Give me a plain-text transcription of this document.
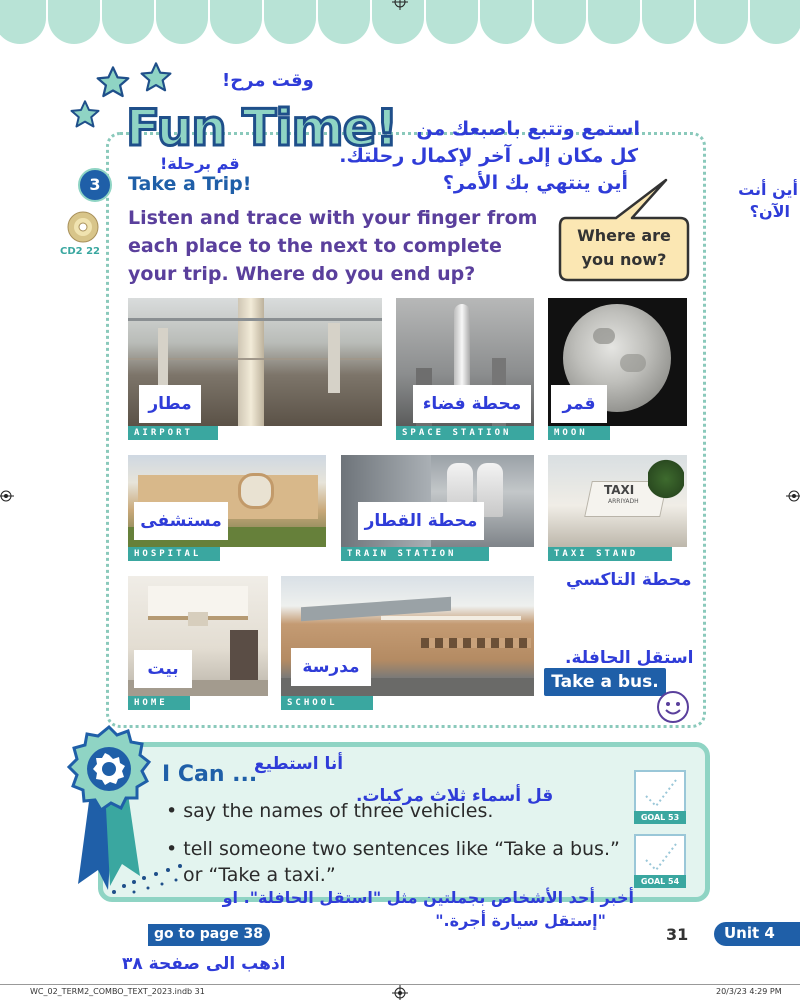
وقت مرح!
Fun Time! استمع وتتبع باصبعك من
كل مكان إلى آخر لإكمال رحلتك.
أين ينتهي بك الأمر؟
3	Take a Trip!
قم برحلة!
CD2 22
Listen and trace with your finger from
each place to the next to complete
your trip. Where do you end up?
Where are
you now?
أين أنت
الآن؟
مطار
AIRPORT
محطة فضاء
SPACE STATION
قمر
MOON
مستشفى
HOSPITAL
محطة القطار
TRAIN STATION
TAXI
ARRIYADH
TAXI STAND
محطة التاكسي
بيت
HOME
مدرسة
SCHOOL
استقل الحافلة.
Take a bus.
I Can ...
أنا استطيع
• say the names of three vehicles.
قل أسماء ثلاث مركبات.
• tell someone two sentences like “Take a bus.”
or “Take a taxi.”
GOAL 53
GOAL 54
أخبر أحد الأشخاص بجملتين مثل "استقل الحافلة". او
"إستقل سيارة أجرة."
go to page 38
اذهب الى صفحة ٣٨
31 Unit 4
WC_02_TERM2_COMBO_TEXT_2023.indb 31	20/3/23 4:29 PM
